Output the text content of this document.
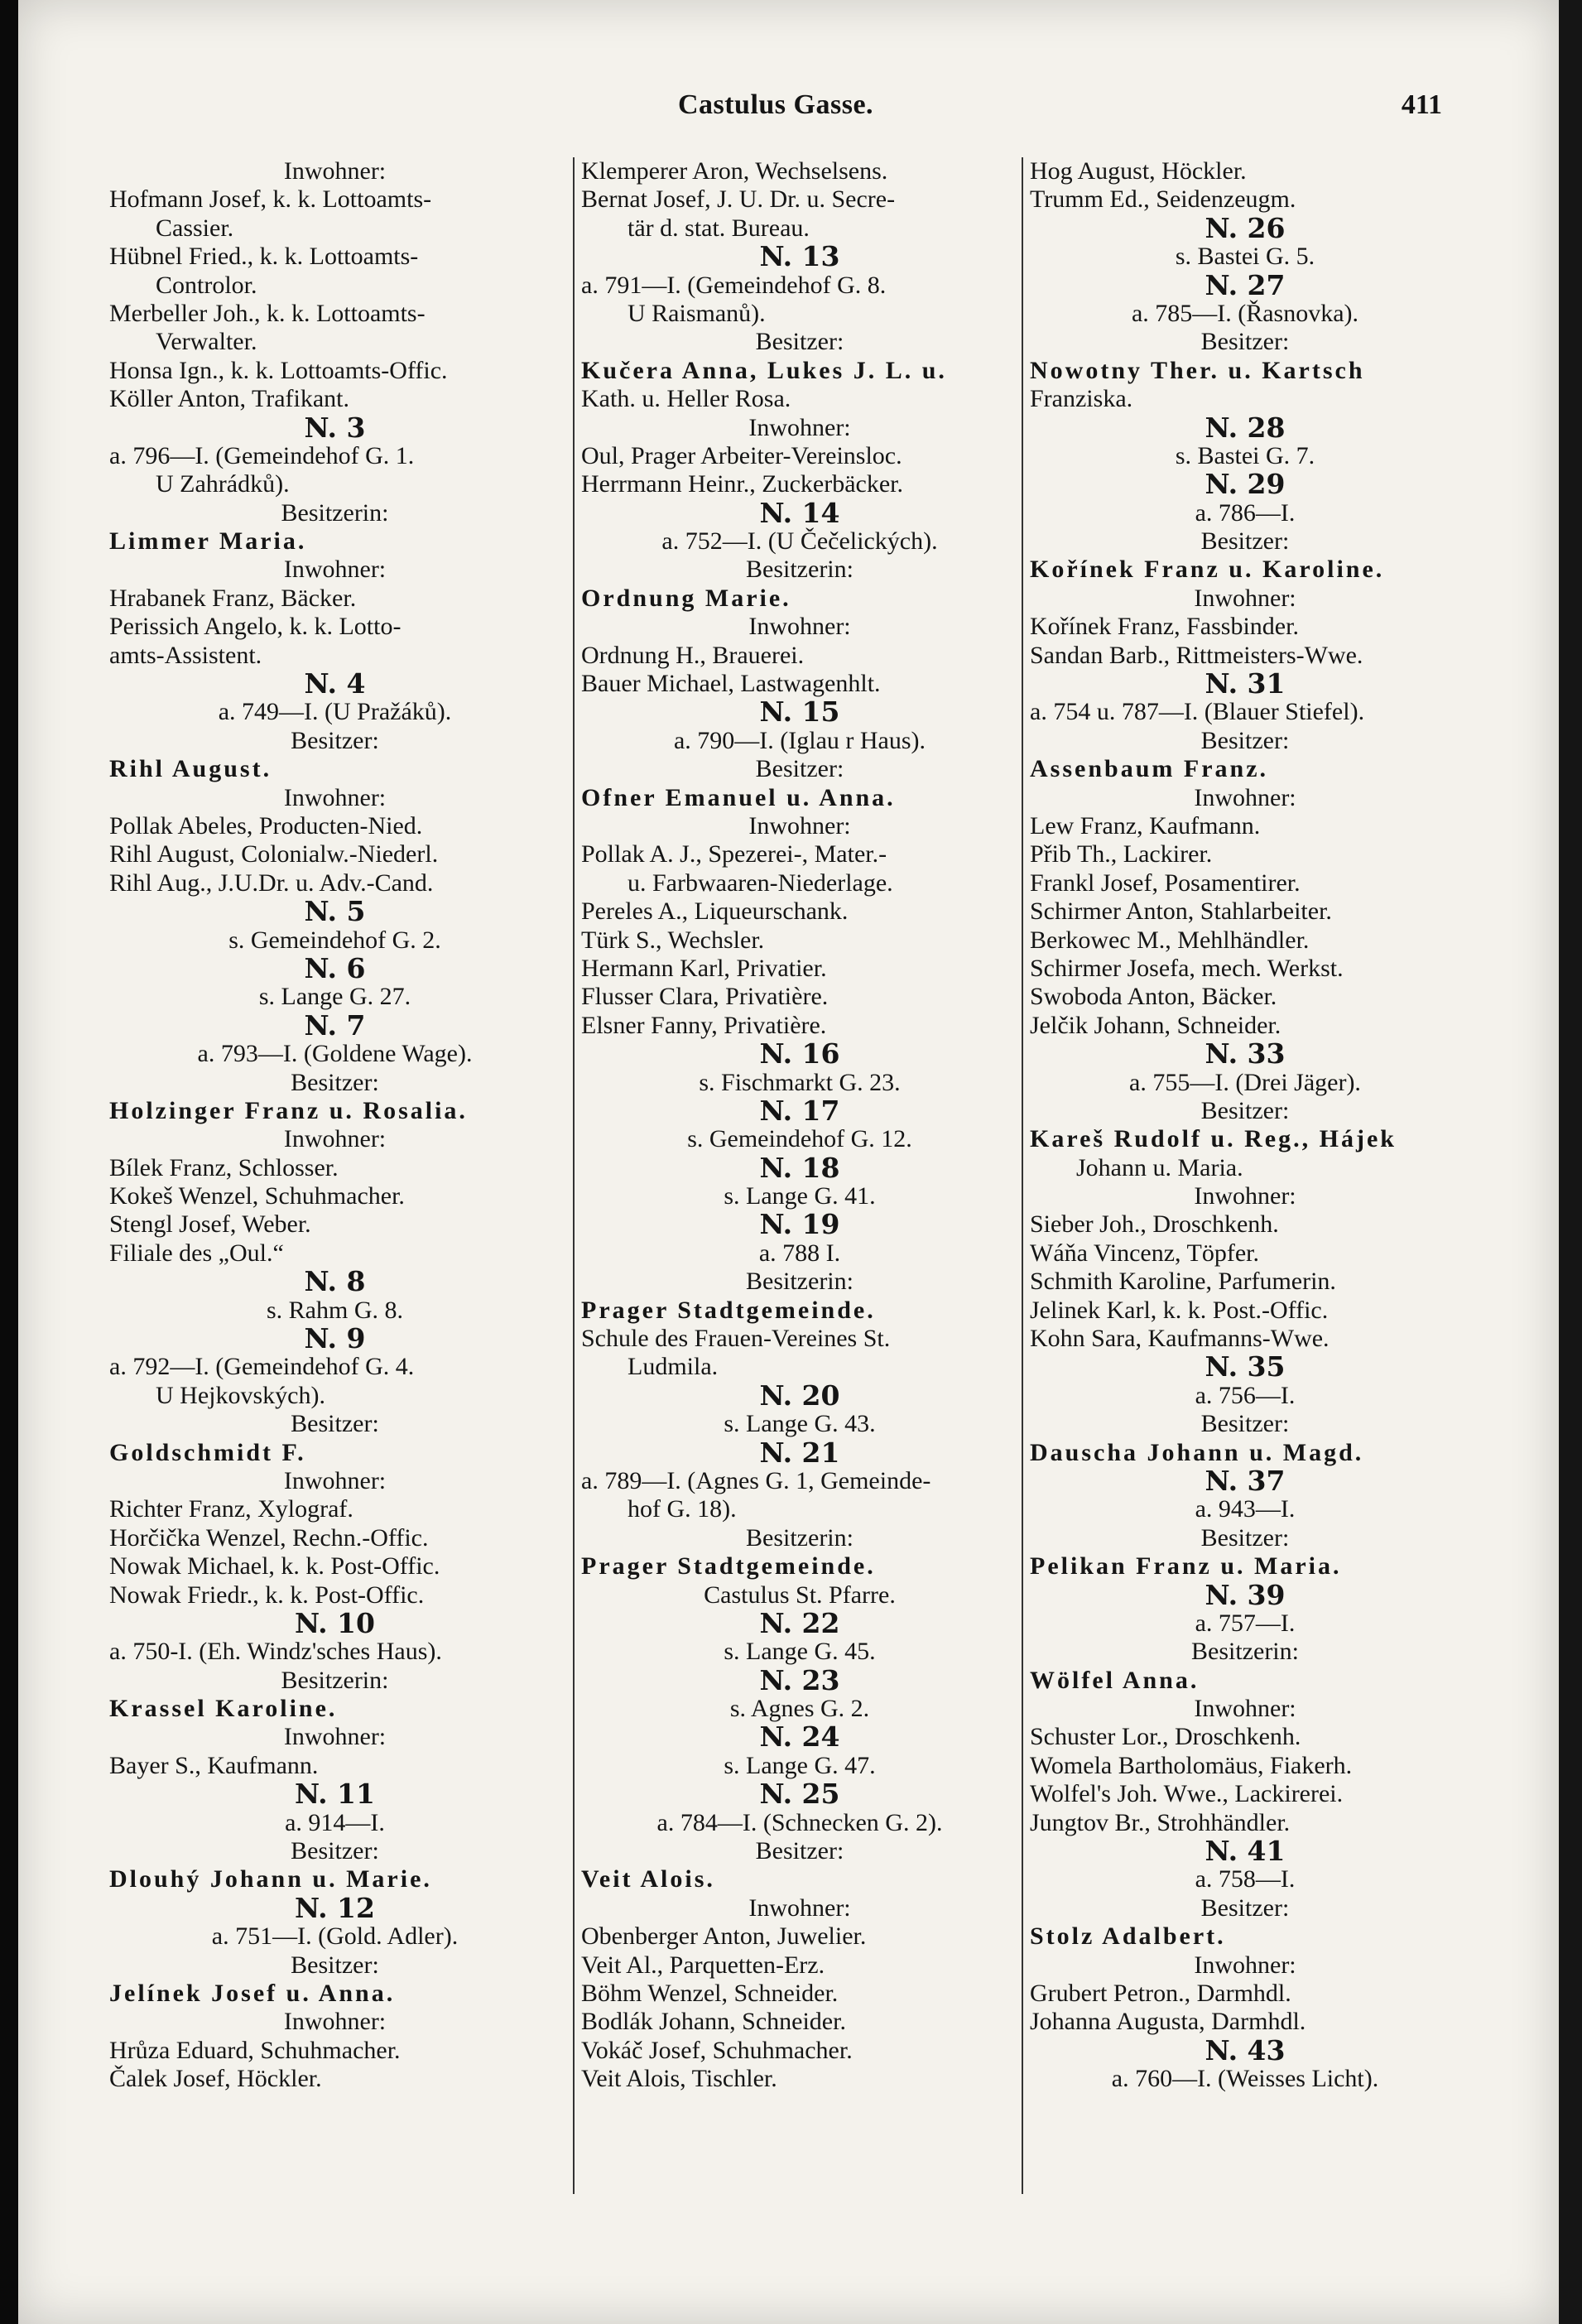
Castulus Gasse.	411
Inwohner:
Hofmann Josef, k. k. Lottoamts-
Cassier.
Hübnel Fried., k. k. Lottoamts-
Controlor.
Merbeller Joh., k. k. Lottoamts-
Verwalter.
Honsa Ign., k. k. Lottoamts-Offic.
Köller Anton, Trafikant.
N. 3
a. 796—I. (Gemeindehof G. 1.
U Zahrádků).
Besitzerin:
Limmer Maria.
Inwohner:
Hrabanek Franz, Bäcker.
Perissich Angelo, k. k. Lotto-
amts-Assistent.
N. 4
a. 749—I. (U Pražáků).
Besitzer:
Rihl August.
Inwohner:
Pollak Abeles, Producten-Nied.
Rihl August, Colonialw.-Niederl.
Rihl Aug., J.U.Dr. u. Adv.-Cand.
N. 5
s. Gemeindehof G. 2.
N. 6
s. Lange G. 27.
N. 7
a. 793—I. (Goldene Wage).
Besitzer:
Holzinger Franz u. Rosalia.
Inwohner:
Bílek Franz, Schlosser.
Kokeš Wenzel, Schuhmacher.
Stengl Josef, Weber.
Filiale des „Oul.“
N. 8
s. Rahm G. 8.
N. 9
a. 792—I. (Gemeindehof G. 4.
U Hejkovských).
Besitzer:
Goldschmidt F.
Inwohner:
Richter Franz, Xylograf.
Horčička Wenzel, Rechn.-Offic.
Nowak Michael, k. k. Post-Offic.
Nowak Friedr., k. k. Post-Offic.
N. 10
a. 750-I. (Eh. Windz'sches Haus).
Besitzerin:
Krassel Karoline.
Inwohner:
Bayer S., Kaufmann.
N. 11
a. 914—I.
Besitzer:
Dlouhý Johann u. Marie.
N. 12
a. 751—I. (Gold. Adler).
Besitzer:
Jelínek Josef u. Anna.
Inwohner:
Hrůza Eduard, Schuhmacher.
Čalek Josef, Höckler.
Klemperer Aron, Wechselsens.
Bernat Josef, J. U. Dr. u. Secre-
tär d. stat. Bureau.
N. 13
a. 791—I. (Gemeindehof G. 8.
U Raismanů).
Besitzer:
Kučera Anna, Lukes J. L. u.
Kath. u. Heller Rosa.
Inwohner:
Oul, Prager Arbeiter-Vereinsloc.
Herrmann Heinr., Zuckerbäcker.
N. 14
a. 752—I. (U Čečelických).
Besitzerin:
Ordnung Marie.
Inwohner:
Ordnung H., Brauerei.
Bauer Michael, Lastwagenhlt.
N. 15
a. 790—I. (Iglau r Haus).
Besitzer:
Ofner Emanuel u. Anna.
Inwohner:
Pollak A. J., Spezerei-, Mater.-
u. Farbwaaren-Niederlage.
Pereles A., Liqueurschank.
Türk S., Wechsler.
Hermann Karl, Privatier.
Flusser Clara, Privatière.
Elsner Fanny, Privatière.
N. 16
s. Fischmarkt G. 23.
N. 17
s. Gemeindehof G. 12.
N. 18
s. Lange G. 41.
N. 19
a. 788 I.
Besitzerin:
Prager Stadtgemeinde.
Schule des Frauen-Vereines St.
Ludmila.
N. 20
s. Lange G. 43.
N. 21
a. 789—I. (Agnes G. 1, Gemeinde-
hof G. 18).
Besitzerin:
Prager Stadtgemeinde.
Castulus St. Pfarre.
N. 22
s. Lange G. 45.
N. 23
s. Agnes G. 2.
N. 24
s. Lange G. 47.
N. 25
a. 784—I. (Schnecken G. 2).
Besitzer:
Veit Alois.
Inwohner:
Obenberger Anton, Juwelier.
Veit Al., Parquetten-Erz.
Böhm Wenzel, Schneider.
Bodlák Johann, Schneider.
Vokáč Josef, Schuhmacher.
Veit Alois, Tischler.
Hog August, Höckler.
Trumm Ed., Seidenzeugm.
N. 26
s. Bastei G. 5.
N. 27
a. 785—I. (Řasnovka).
Besitzer:
Nowotny Ther. u. Kartsch
Franziska.
N. 28
s. Bastei G. 7.
N. 29
a. 786—I.
Besitzer:
Kořínek Franz u. Karoline.
Inwohner:
Kořínek Franz, Fassbinder.
Sandan Barb., Rittmeisters-Wwe.
N. 31
a. 754 u. 787—I. (Blauer Stiefel).
Besitzer:
Assenbaum Franz.
Inwohner:
Lew Franz, Kaufmann.
Přib Th., Lackirer.
Frankl Josef, Posamentirer.
Schirmer Anton, Stahlarbeiter.
Berkowec M., Mehlhändler.
Schirmer Josefa, mech. Werkst.
Swoboda Anton, Bäcker.
Jelčik Johann, Schneider.
N. 33
a. 755—I. (Drei Jäger).
Besitzer:
Kareš Rudolf u. Reg., Hájek
Johann u. Maria.
Inwohner:
Sieber Joh., Droschkenh.
Wáňa Vincenz, Töpfer.
Schmith Karoline, Parfumerin.
Jelinek Karl, k. k. Post.-Offic.
Kohn Sara, Kaufmanns-Wwe.
N. 35
a. 756—I.
Besitzer:
Dauscha Johann u. Magd.
N. 37
a. 943—I.
Besitzer:
Pelikan Franz u. Maria.
N. 39
a. 757—I.
Besitzerin:
Wölfel Anna.
Inwohner:
Schuster Lor., Droschkenh.
Womela Bartholomäus, Fiakerh.
Wolfel's Joh. Wwe., Lackirerei.
Jungtov Br., Strohhändler.
N. 41
a. 758—I.
Besitzer:
Stolz Adalbert.
Inwohner:
Grubert Petron., Darmhdl.
Johanna Augusta, Darmhdl.
N. 43
a. 760—I. (Weisses Licht).
